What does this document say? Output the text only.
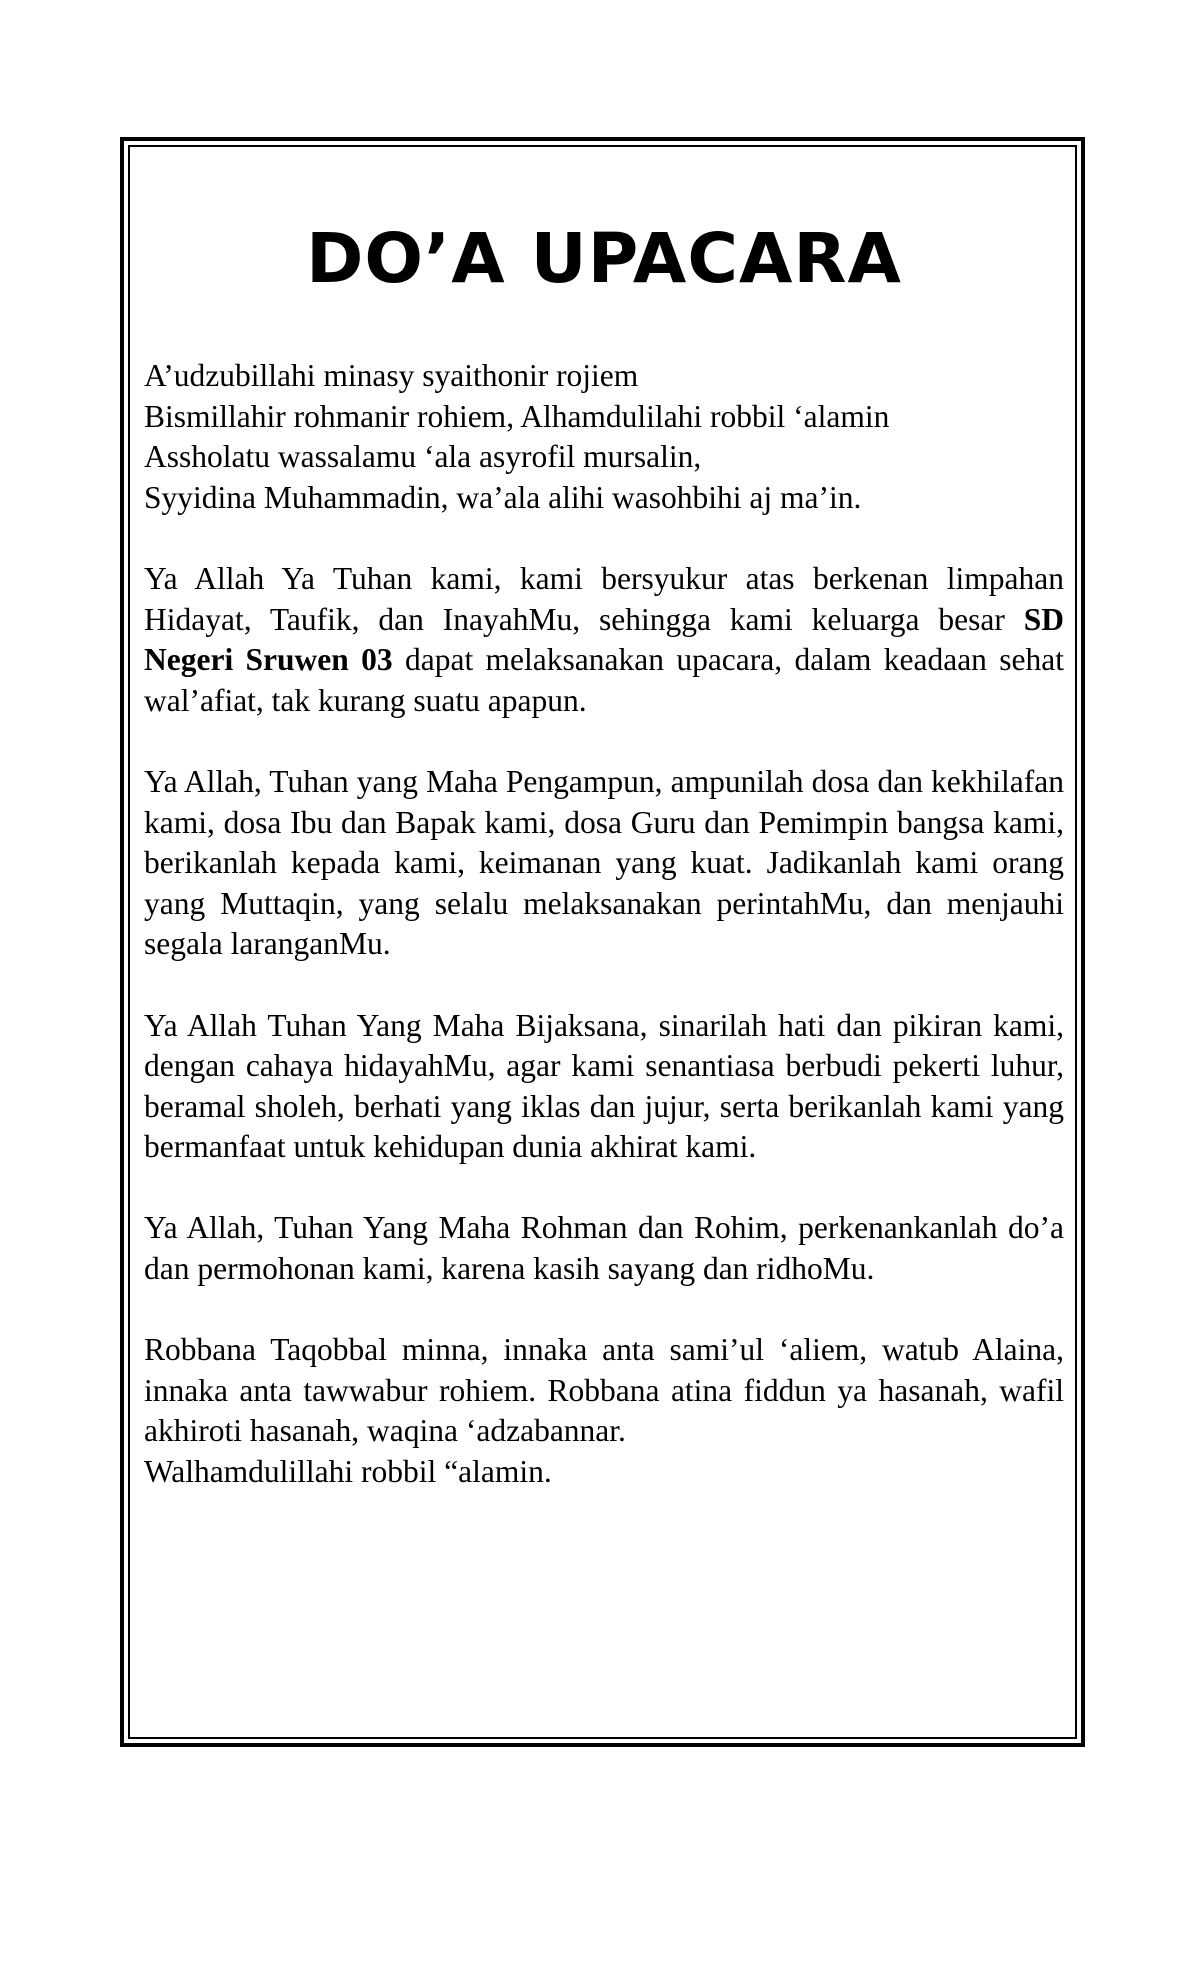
DO’A UPACARA

A’udzubillahi minasy syaithonir rojiem
Bismillahir rohmanir rohiem, Alhamdulilahi robbil ‘alamin
Assholatu wassalamu ‘ala asyrofil mursalin,
Syyidina Muhammadin, wa’ala alihi wasohbihi aj ma’in.

Ya Allah Ya Tuhan kami, kami bersyukur atas berkenan limpahan Hidayat, Taufik, dan InayahMu, sehingga kami keluarga besar SD Negeri Sruwen 03 dapat melaksanakan upacara, dalam keadaan sehat wal’afiat, tak kurang suatu apapun.

Ya Allah, Tuhan yang Maha Pengampun, ampunilah dosa dan kekhilafan kami, dosa Ibu dan Bapak kami, dosa Guru dan Pemimpin bangsa kami, berikanlah kepada kami, keimanan yang kuat. Jadikanlah kami orang yang Muttaqin, yang selalu melaksanakan perintahMu, dan menjauhi segala laranganMu.

Ya Allah Tuhan Yang Maha Bijaksana, sinarilah hati dan pikiran kami, dengan cahaya hidayahMu, agar kami senantiasa berbudi pekerti luhur, beramal sholeh, berhati yang iklas dan jujur, serta berikanlah kami yang bermanfaat untuk kehidupan dunia akhirat kami.

Ya Allah, Tuhan Yang Maha Rohman dan Rohim, perkenankanlah do’a dan permohonan kami, karena kasih sayang dan ridhoMu.

Robbana Taqobbal minna, innaka anta sami’ul ‘aliem, watub Alaina, innaka anta tawwabur rohiem. Robbana atina fiddun ya hasanah, wafil akhiroti hasanah, waqina ‘adzabannar.
Walhamdulillahi robbil “alamin.
